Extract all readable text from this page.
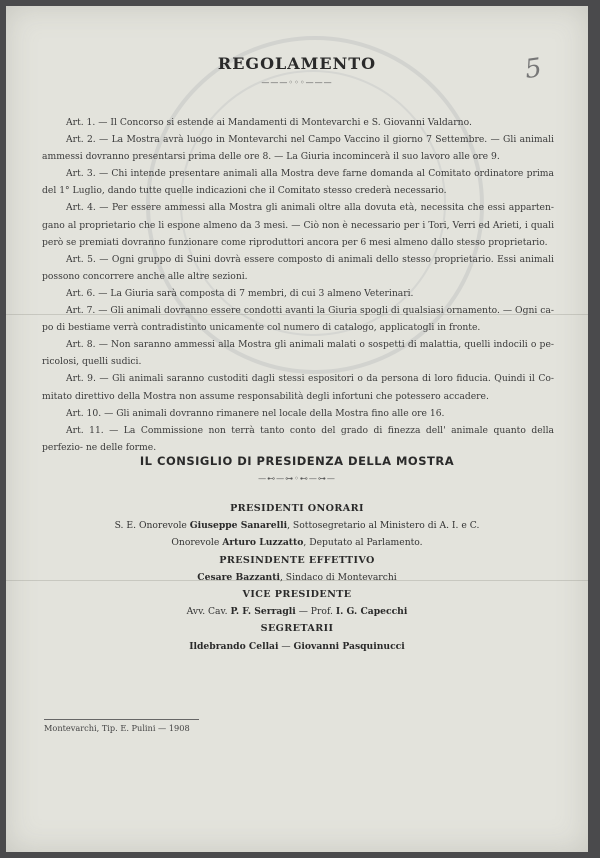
5
REGOLAMENTO
———◦◦◦———

Art. 1. — Il Concorso si estende ai Mandamenti di Montevarchi e S. Giovanni Valdarno.

Art. 2. — La Mostra avrà luogo in Montevarchi nel Campo Vaccino il giorno 7 Settembre. — Gli animali ammessi dovranno presentarsi prima delle ore 8. — La Giuria incomincerà il suo lavoro alle ore 9.

Art. 3. — Chi intende presentare animali alla Mostra deve farne domanda al Comitato ordinatore prima del 1° Luglio, dando tutte quelle indicazioni che il Comitato stesso crederà necessario.

Art. 4. — Per essere ammessi alla Mostra gli animali oltre alla dovuta età, necessita che essi apparten- gano al proprietario che li espone almeno da 3 mesi. — Ciò non è necessario per i Tori, Verri ed Arieti, i quali però se premiati dovranno funzionare come riproduttori ancora per 6 mesi almeno dallo stesso proprietario.

Art. 5. — Ogni gruppo di Suini dovrà essere composto di animali dello stesso proprietario. Essi animali possono concorrere anche alle altre sezioni.

Art. 6. — La Giuria sarà composta di 7 membri, di cui 3 almeno Veterinari.

Art. 7. — Gli animali dovranno essere condotti avanti la Giuria spogli di qualsiasi ornamento. — Ogni ca- po di bestiame verrà contradistinto unicamente col numero di catalogo, applicatogli in fronte.

Art. 8. — Non saranno ammessi alla Mostra gli animali malati o sospetti di malattia, quelli indocili o pe- ricolosi, quelli sudici.

Art. 9. — Gli animali saranno custoditi dagli stessi espositori o da persona di loro fiducia. Quindi il Co- mitato direttivo della Mostra non assume responsabilità degli infortuni che potessero accadere.

Art. 10. — Gli animali dovranno rimanere nel locale della Mostra fino alle ore 16.

Art. 11. — La Commissione non terrà tanto conto del grado di finezza dell' animale quanto della perfezio- ne delle forme.

IL CONSIGLIO DI PRESIDENZA DELLA MOSTRA
—⊷—⊶◦⊷—⊶—
PRESIDENTI ONORARI
S. E. Onorevole Giuseppe Sanarelli, Sottosegretario al Ministero di A. I. e C.
Onorevole Arturo Luzzatto, Deputato al Parlamento.
PRESINDENTE EFFETTIVO
Cesare Bazzanti, Sindaco di Montevarchi
VICE PRESIDENTE
Avv. Cav. P. F. Serragli — Prof. I. G. Capecchi
SEGRETARII
Ildebrando Cellai — Giovanni Pasquinucci
Montevarchi, Tip. E. Pulini — 1908
